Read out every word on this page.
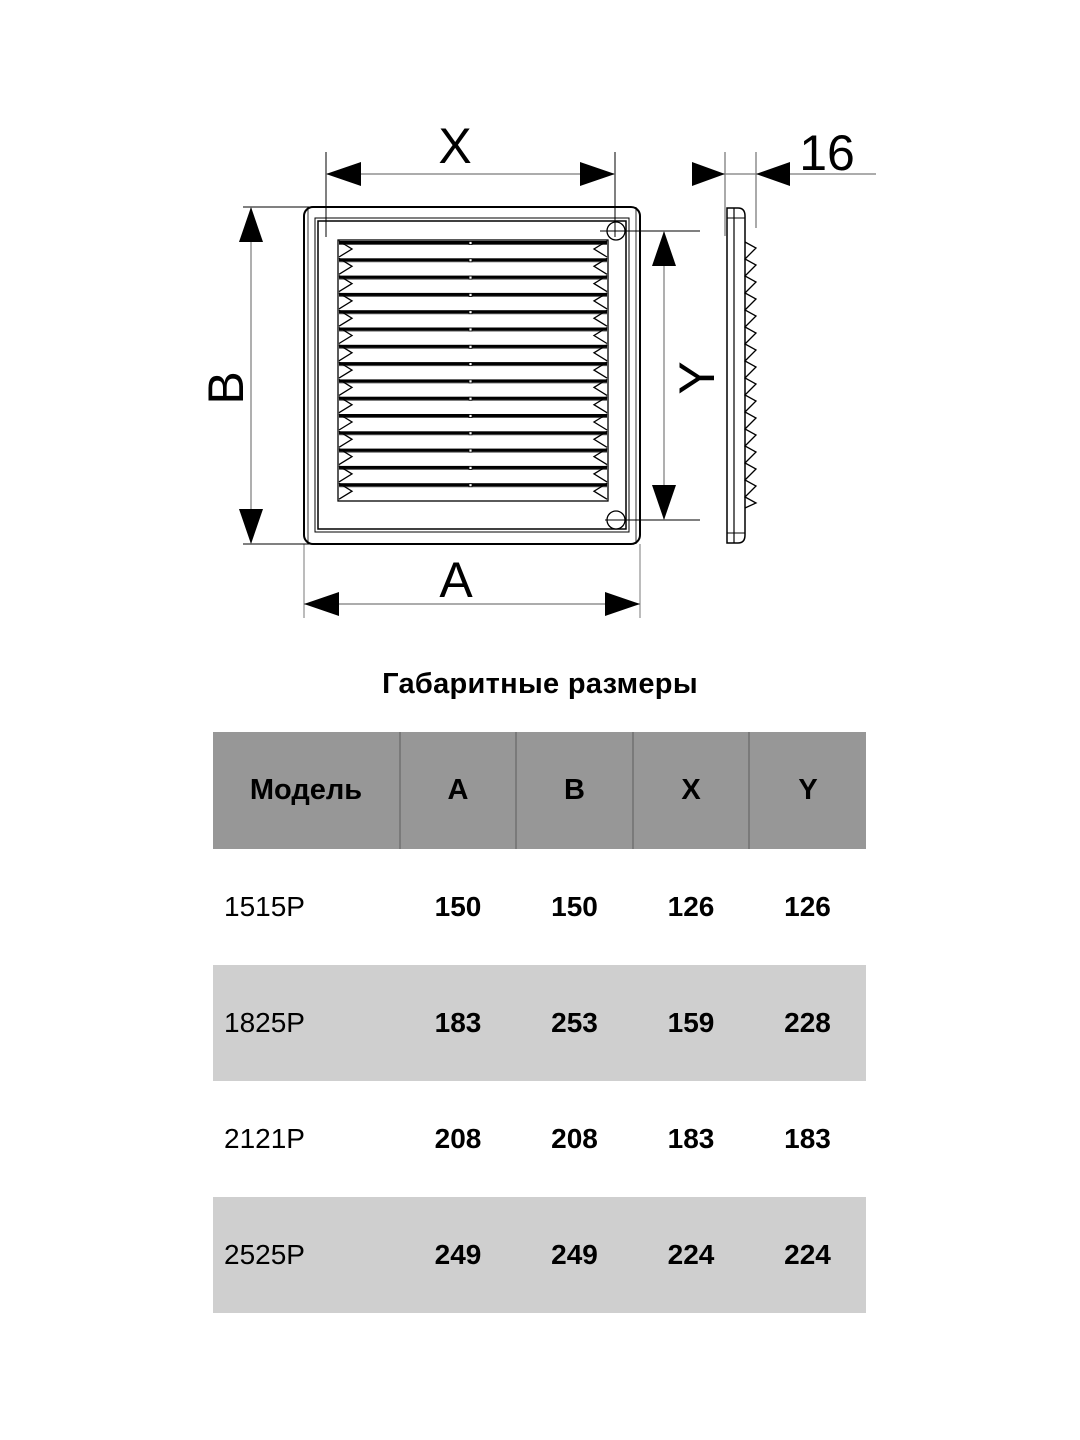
X
A
B	Y
16
Габаритные размеры
Модель	A	B	X	Y
1515P	150	150	126	126
1825P	183	253	159	228
2121P	208	208	183	183
2525P	249	249	224	224
